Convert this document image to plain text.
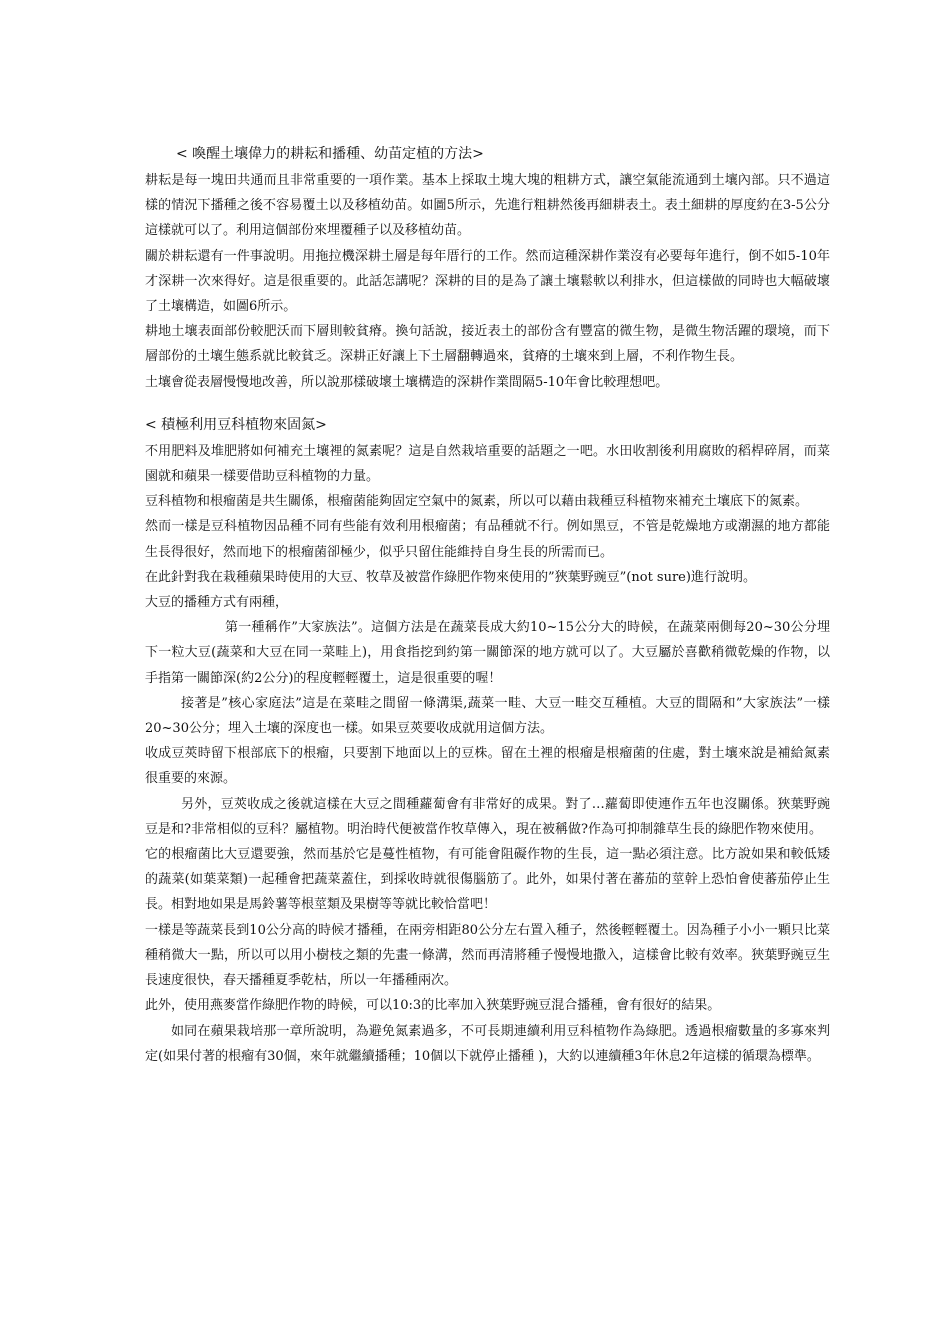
< 喚醒土壤偉力的耕耘和播種、幼苗定植的方法>

耕耘是每一塊田共通而且非常重要的一項作業。基本上採取土塊大塊的粗耕方式，讓空氣能流通到土壤內部。只不過這樣的情況下播種之後不容易覆土以及移植幼苗。如圖5所示，先進行粗耕然後再細耕表土。表土細耕的厚度約在3-5公分這樣就可以了。利用這個部份來埋覆種子以及移植幼苗。

關於耕耘還有一件事說明。用拖拉機深耕土層是每年厝行的工作。然而這種深耕作業沒有必要每年進行，倒不如5-10年才深耕一次來得好。這是很重要的。此話怎講呢？深耕的目的是為了讓土壤鬆軟以利排水，但這樣做的同時也大幅破壞了土壤構造，如圖6所示。

耕地土壤表面部份較肥沃而下層則較貧瘠。換句話說，接近表土的部份含有豐富的微生物，是微生物活躍的環境，而下層部份的土壤生態系就比較貧乏。深耕正好讓上下土層翻轉過來，貧瘠的土壤來到上層，不利作物生長。

土壤會從表層慢慢地改善，所以說那樣破壞土壤構造的深耕作業間隔5-10年會比較理想吧。

< 積極利用豆科植物來固氮>

不用肥料及堆肥將如何補充土壤裡的氮素呢？這是自然栽培重要的話題之一吧。水田收割後利用腐敗的稻桿碎屑，而菜園就和蘋果一樣要借助豆科植物的力量。

豆科植物和根瘤菌是共生關係，根瘤菌能夠固定空氣中的氮素，所以可以藉由栽種豆科植物來補充土壤底下的氮素。

然而一樣是豆科植物因品種不同有些能有效利用根瘤菌；有品種就不行。例如黑豆，不管是乾燥地方或潮濕的地方都能生長得很好，然而地下的根瘤菌卻極少，似乎只留住能維持自身生長的所需而已。

在此針對我在栽種蘋果時使用的大豆、牧草及被當作綠肥作物來使用的”狹葉野豌豆”(not sure)進行說明。

大豆的播種方式有兩種，

第一種稱作”大家族法”。這個方法是在蔬菜長成大約10~15公分大的時候，在蔬菜兩側每20~30公分埋下一粒大豆(蔬菜和大豆在同一菜畦上)，用食指挖到約第一關節深的地方就可以了。大豆屬於喜歡稍微乾燥的作物，以手指第一關節深(約2公分)的程度輕輕覆土，這是很重要的喔！

接著是”核心家庭法”這是在菜畦之間留一條溝渠,蔬菜一畦、大豆一畦交互種植。大豆的間隔和”大家族法”一樣20~30公分；埋入土壤的深度也一樣。如果豆莢要收成就用這個方法。

收成豆莢時留下根部底下的根瘤，只要割下地面以上的豆株。留在土裡的根瘤是根瘤菌的住處，對土壤來說是補給氮素很重要的來源。

另外，豆莢收成之後就這樣在大豆之間種蘿蔔會有非常好的成果。對了…蘿蔔即使連作五年也沒關係。狹葉野豌豆是和?非常相似的豆科？屬植物。明治時代便被當作牧草傳入，現在被稱做?作為可抑制雜草生長的綠肥作物來使用。

它的根瘤菌比大豆還要強，然而基於它是蔓性植物，有可能會阻礙作物的生長，這一點必須注意。比方說如果和較低矮的蔬菜(如葉菜類)一起種會把蔬菜蓋住，到採收時就很傷腦筋了。此外，如果付著在蕃茄的莖幹上恐怕會使蕃茄停止生長。相對地如果是馬鈴薯等根莖類及果樹等等就比較恰當吧！

一樣是等蔬菜長到10公分高的時候才播種，在兩旁相距80公分左右置入種子，然後輕輕覆土。因為種子小小一顆只比菜種稍微大一點，所以可以用小樹枝之類的先畫一條溝，然而再清將種子慢慢地撒入，這樣會比較有效率。狹葉野豌豆生長速度很快，春天播種夏季乾枯，所以一年播種兩次。

此外，使用燕麥當作綠肥作物的時候，可以10:3的比率加入狹葉野豌豆混合播種，會有很好的結果。

如同在蘋果栽培那一章所說明，為避免氮素過多，不可長期連續利用豆科植物作為綠肥。透過根瘤數量的多寡來判定(如果付著的根瘤有30個，來年就繼續播種；10個以下就停止播種 )，大約以連續種3年休息2年這樣的循環為標準。
